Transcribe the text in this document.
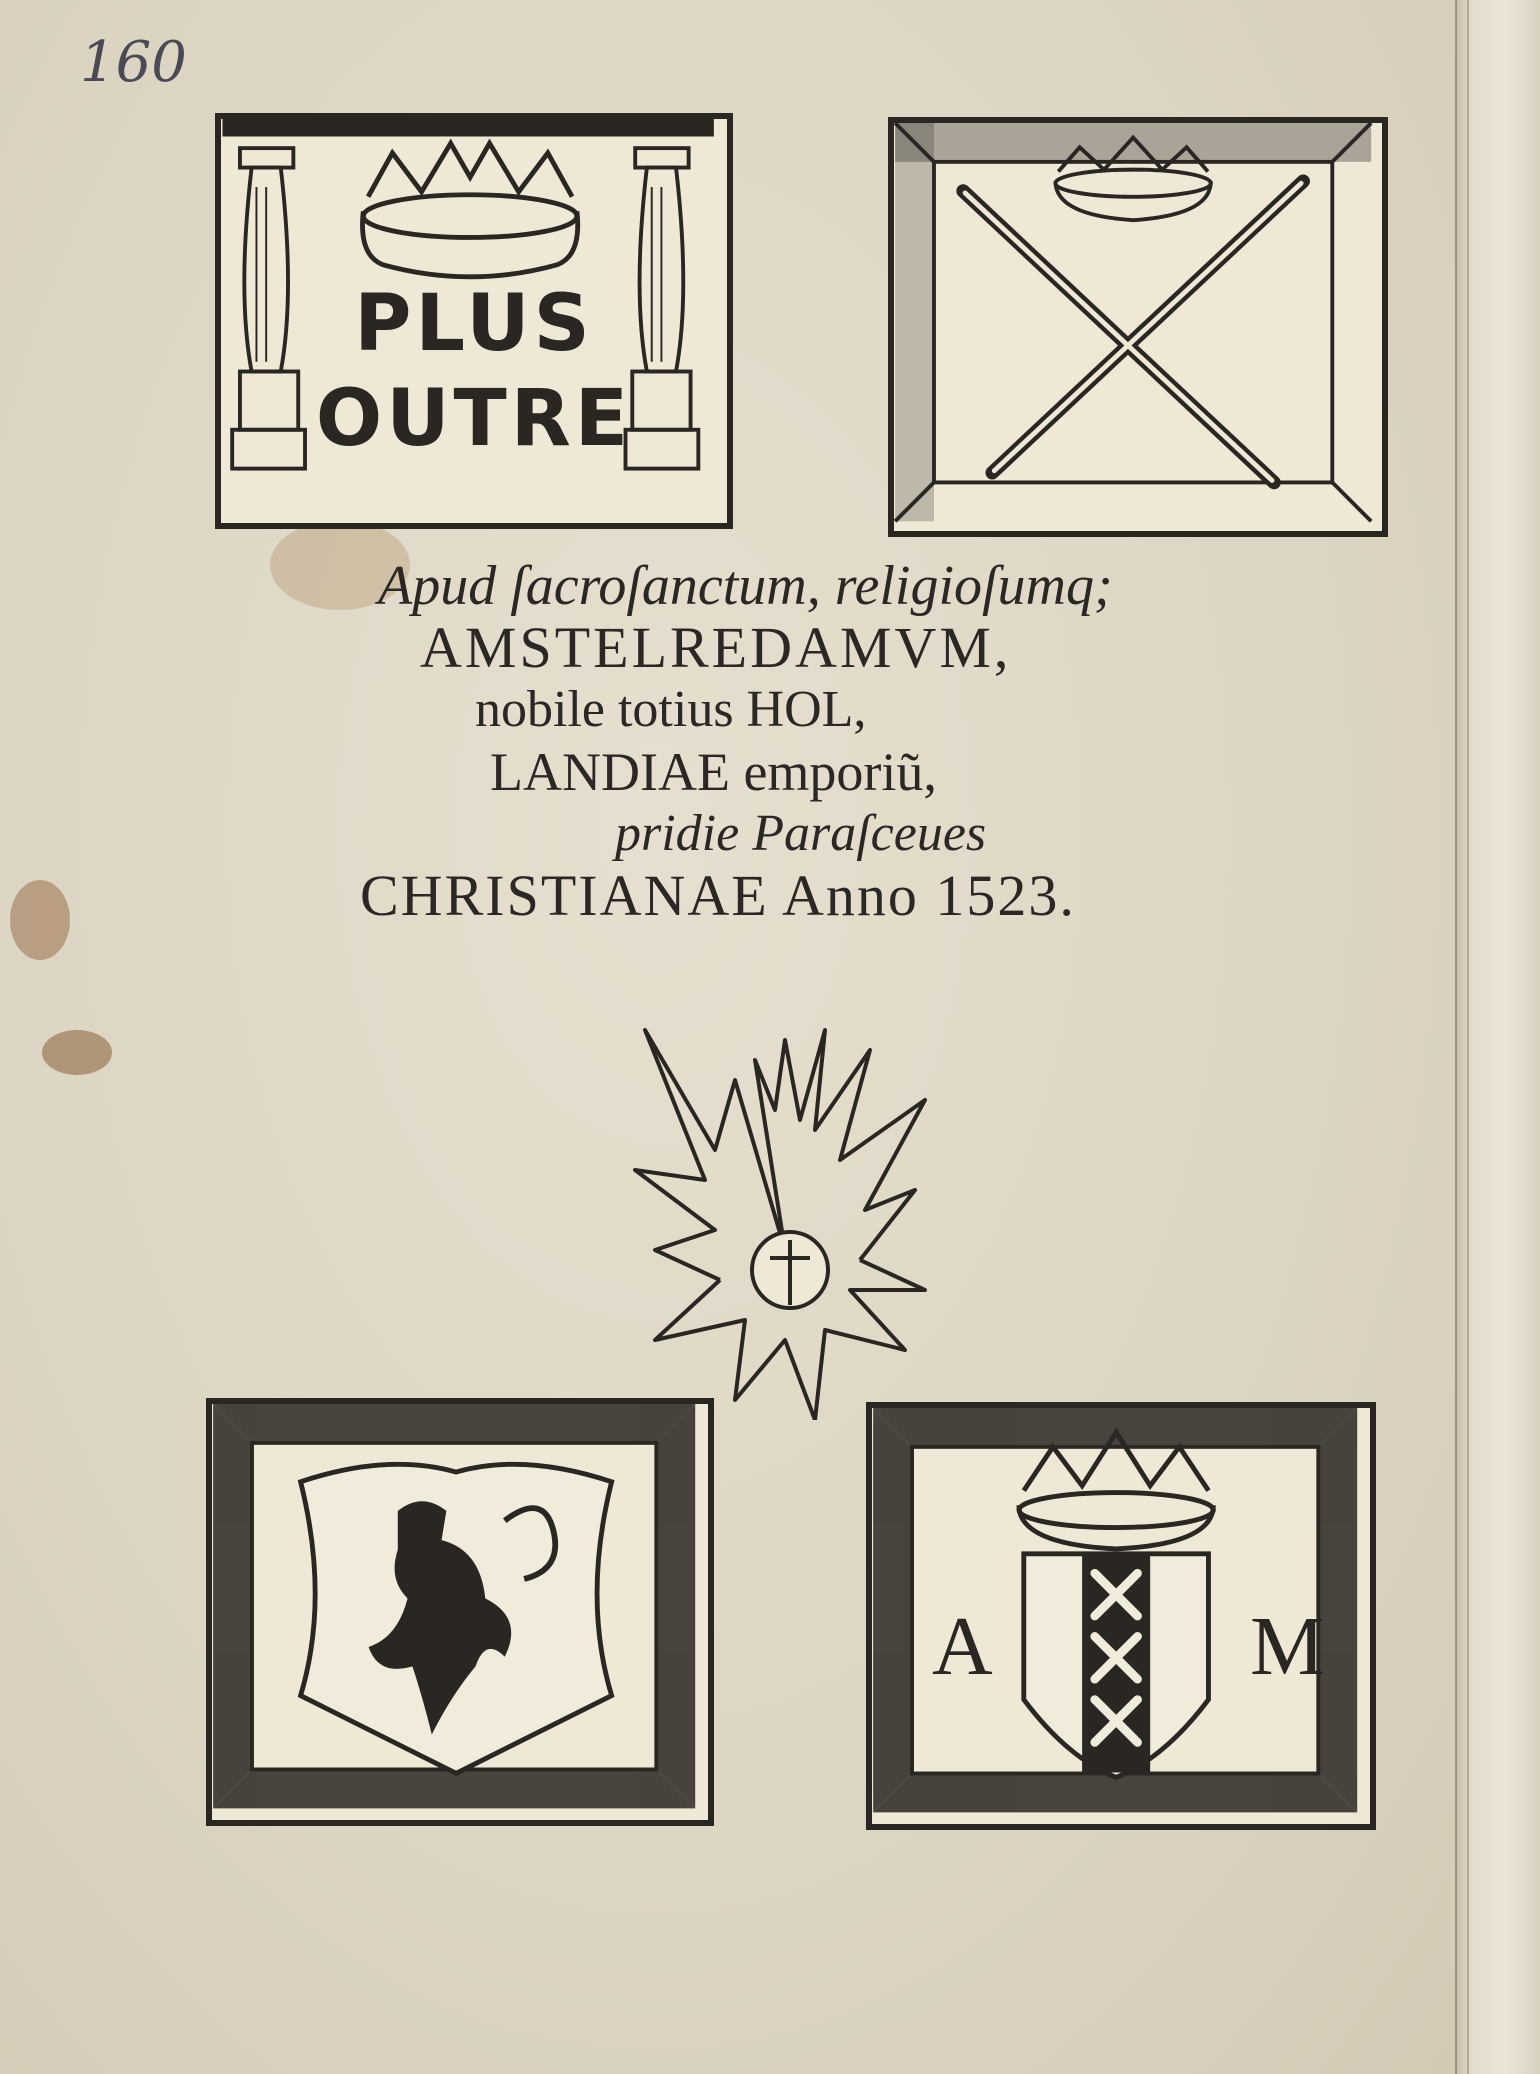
160
PLUS
OUTRE
Apud ſacroſanctum, religioſumq;
AMSTELREDAMVM,
nobile totius HOL,
LANDIAE emporiũ,
pridie Paraſceues
CHRISTIANAE Anno 1523.
A	M
